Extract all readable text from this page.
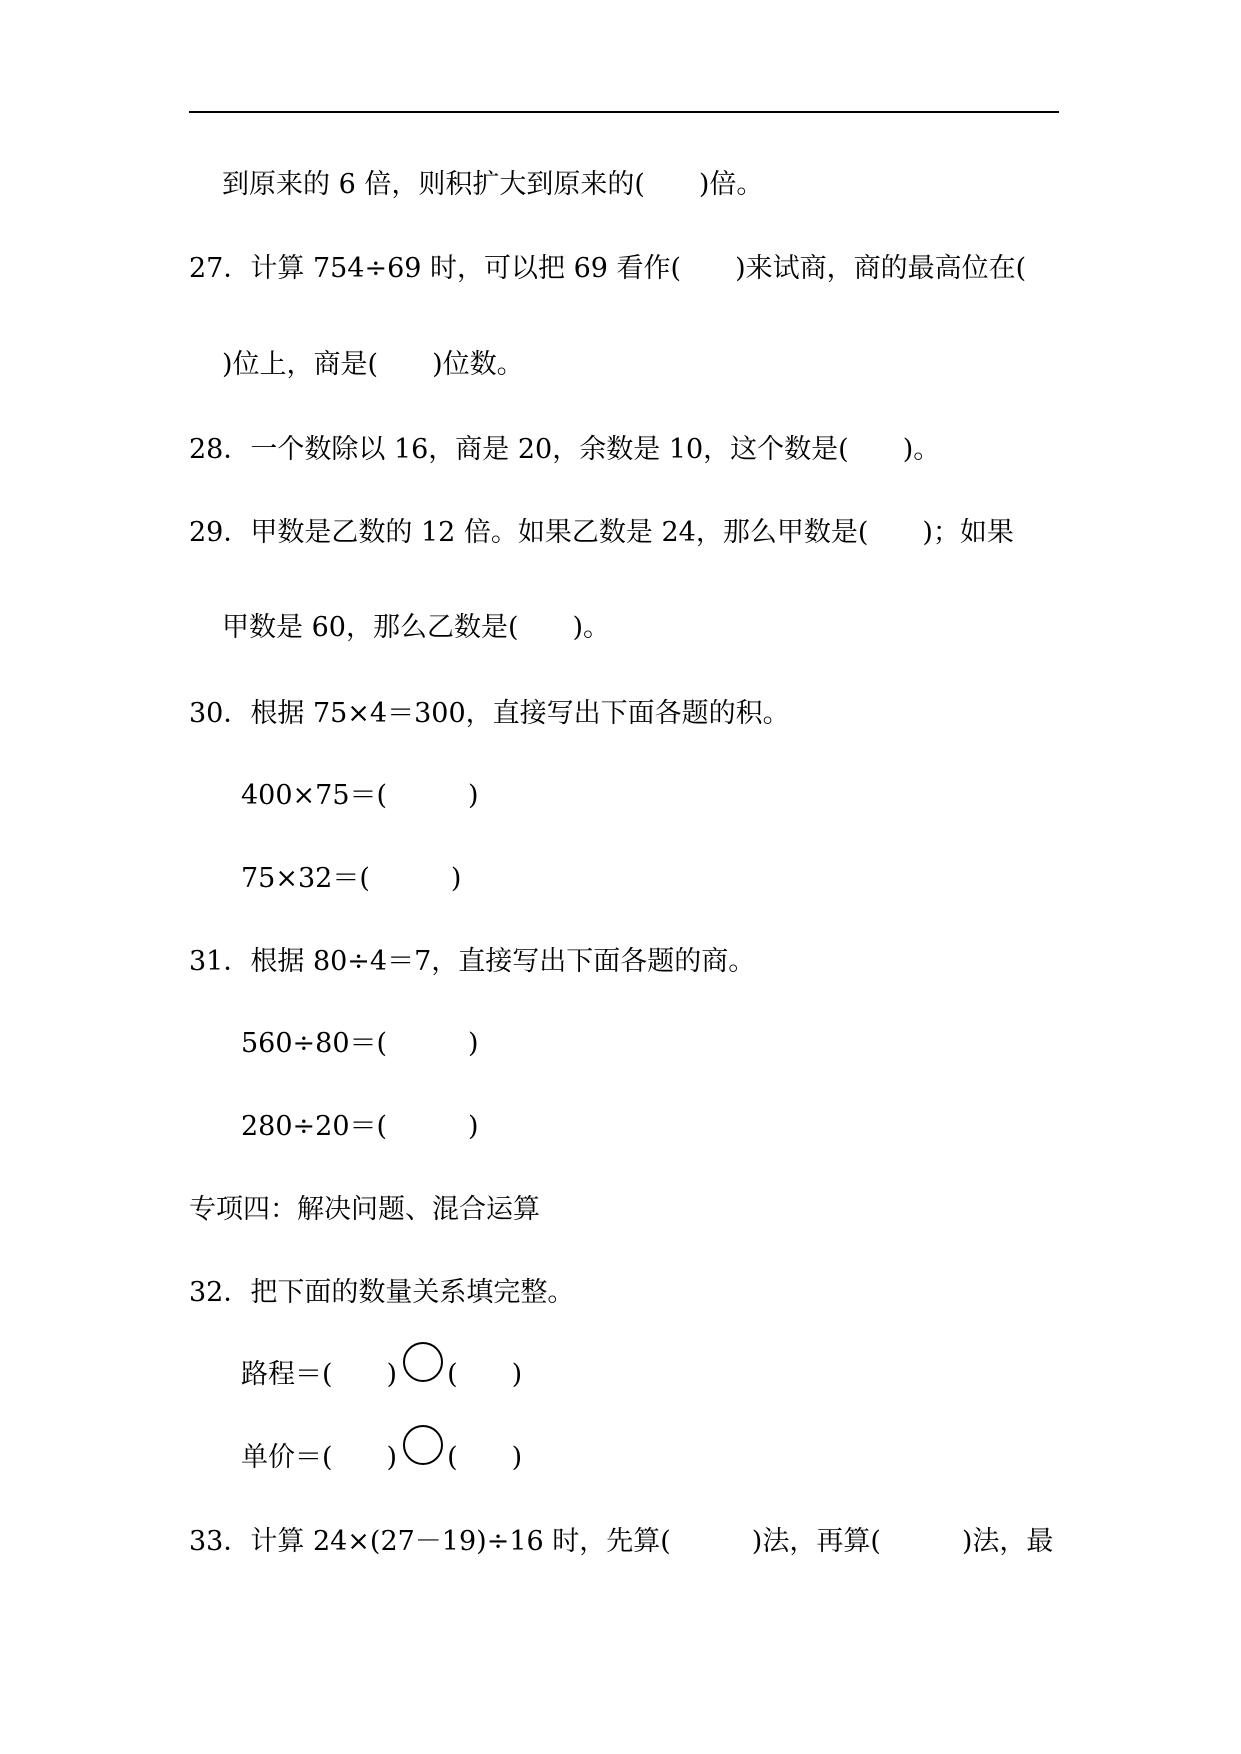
到原来的 6 倍，则积扩大到原来的(　　)倍。
27．计算 754÷69 时，可以把 69 看作(　　)来试商，商的最高位在(
)位上，商是(　　)位数。
28．一个数除以 16，商是 20，余数是 10，这个数是(　　)。
29．甲数是乙数的 12 倍。如果乙数是 24，那么甲数是(　　)；如果
甲数是 60，那么乙数是(　　)。
30．根据 75×4＝300，直接写出下面各题的积。
400×75＝(　　　)
75×32＝(　　　)
31．根据 80÷4＝7，直接写出下面各题的商。
560÷80＝(　　　)
280÷20＝(　　　)
专项四：解决问题、混合运算
32．把下面的数量关系填完整。
路程＝(　　) (　　)
单价＝(　　) (　　)
33．计算 24×(27－19)÷16 时，先算(　　　)法，再算(　　　)法，最
